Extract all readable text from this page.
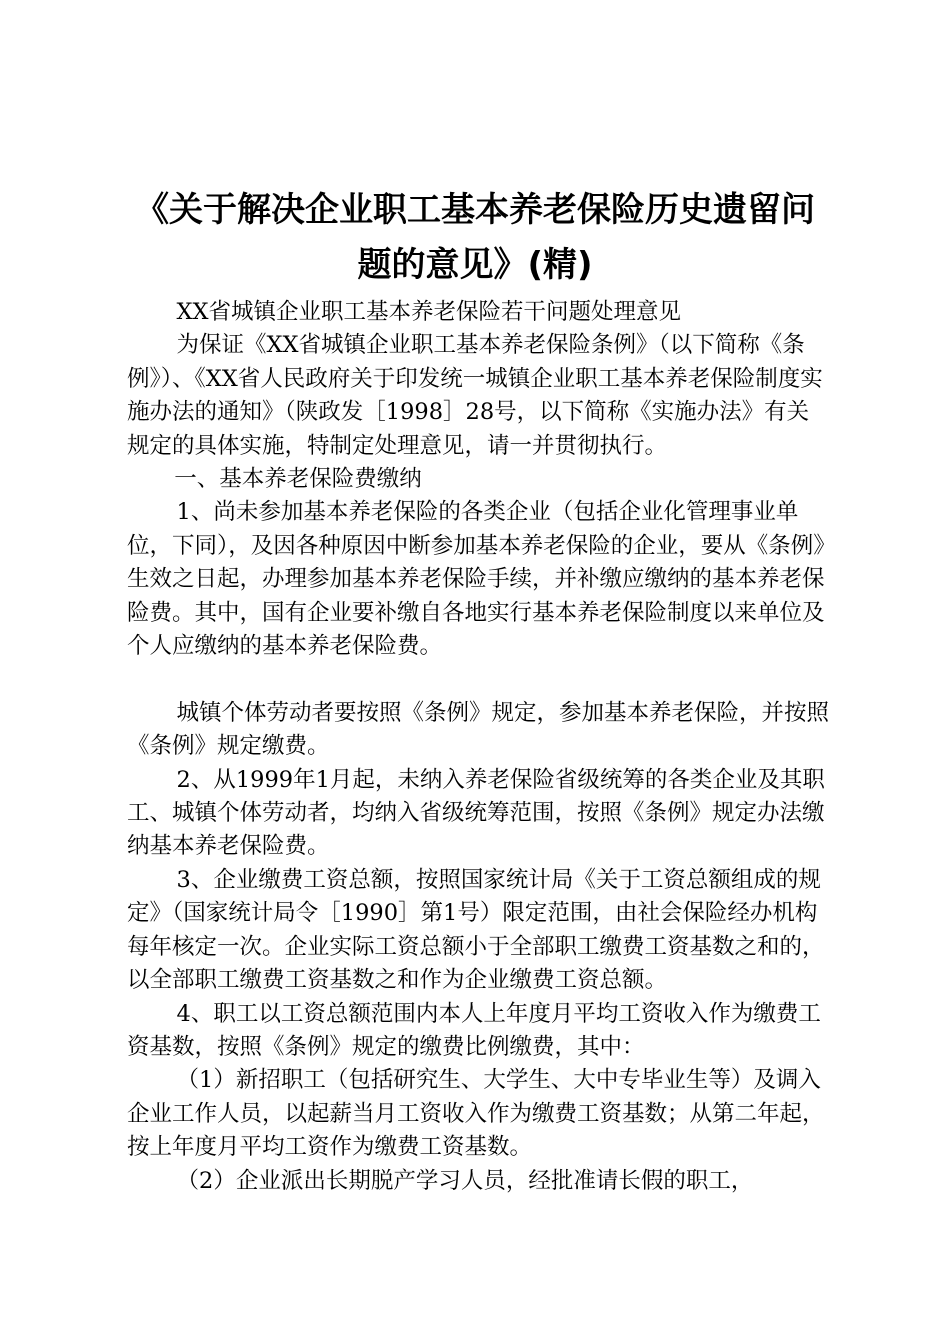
《关于解决企业职工基本养老保险历史遗留问
题的意见》(精)

XX省城镇企业职工基本养老保险若干问题处理意见

为保证《XX省城镇企业职工基本养老保险条例》（以下简称《条例》）、《XX省人民政府关于印发统一城镇企业职工基本养老保险制度实施办法的通知》（陕政发［1998］28号，以下简称《实施办法》有关规定的具体实施，特制定处理意见，请一并贯彻执行。

一、基本养老保险费缴纳

1、尚未参加基本养老保险的各类企业（包括企业化管理事业单位，下同），及因各种原因中断参加基本养老保险的企业，要从《条例》生效之日起，办理参加基本养老保险手续，并补缴应缴纳的基本养老保险费。其中，国有企业要补缴自各地实行基本养老保险制度以来单位及个人应缴纳的基本养老保险费。

城镇个体劳动者要按照《条例》规定，参加基本养老保险，并按照《条例》规定缴费。

2、从1999年1月起，未纳入养老保险省级统筹的各类企业及其职工、城镇个体劳动者，均纳入省级统筹范围，按照《条例》规定办法缴纳基本养老保险费。

3、企业缴费工资总额，按照国家统计局《关于工资总额组成的规定》（国家统计局令［1990］第1号）限定范围，由社会保险经办机构每年核定一次。企业实际工资总额小于全部职工缴费工资基数之和的，以全部职工缴费工资基数之和作为企业缴费工资总额。

4、职工以工资总额范围内本人上年度月平均工资收入作为缴费工资基数，按照《条例》规定的缴费比例缴费，其中：

（1）新招职工（包括研究生、大学生、大中专毕业生等）及调入企业工作人员，以起薪当月工资收入作为缴费工资基数；从第二年起，按上年度月平均工资作为缴费工资基数。

（2）企业派出长期脱产学习人员，经批准请长假的职工，
